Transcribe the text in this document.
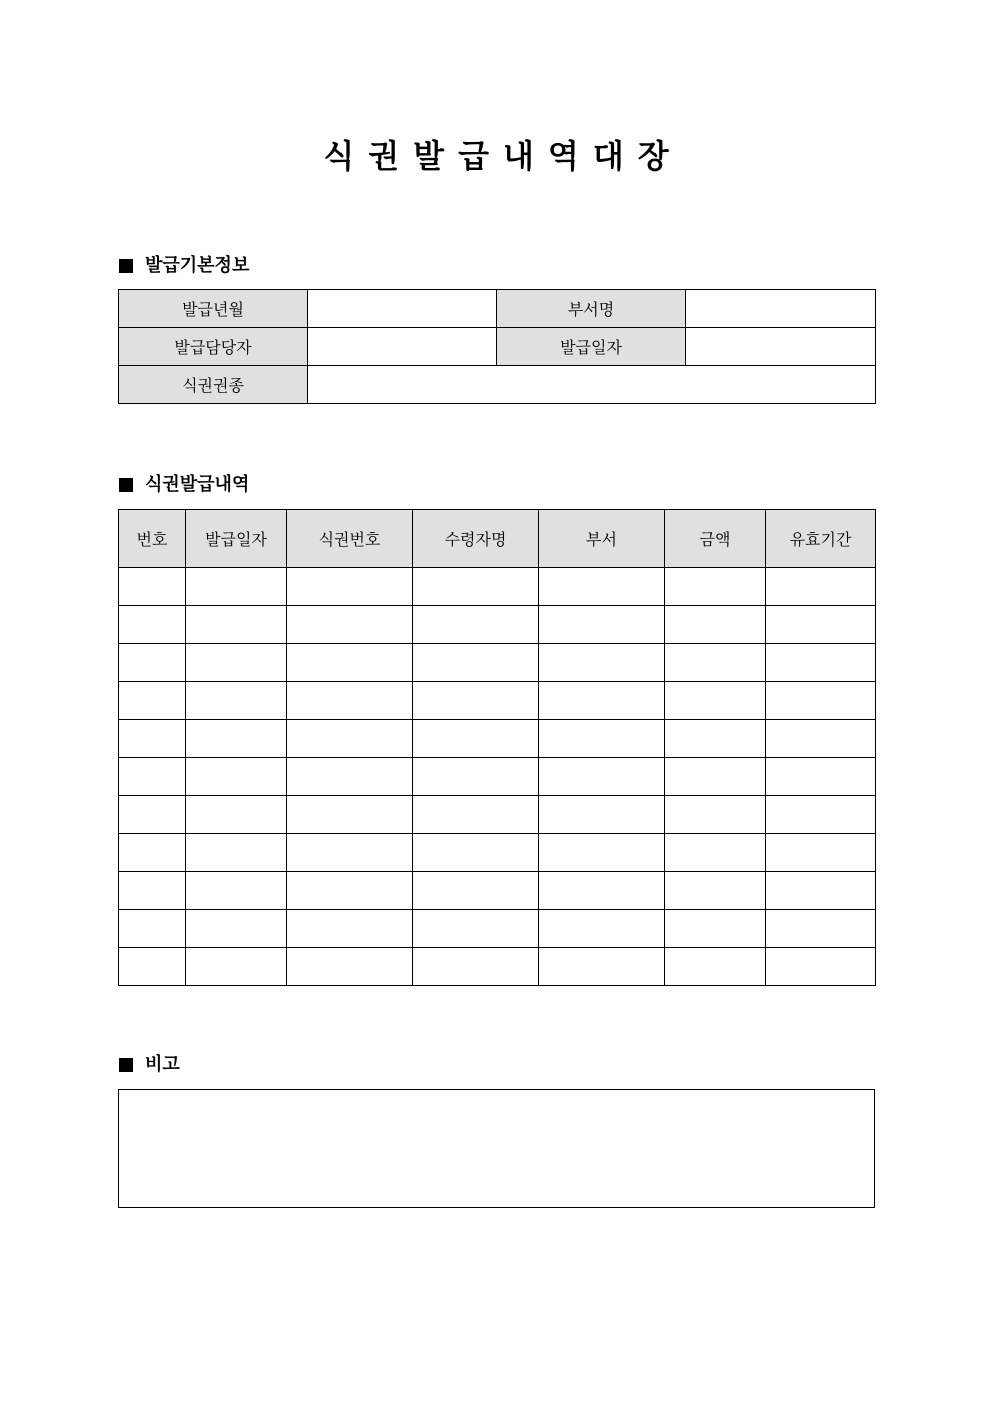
식권발급내역대장
발급기본정보
발급년월		부서명	
발급담당자		발급일자	
식권권종			
식권발급내역
번호	발급일자	식권번호	수령자명	부서	금액	유효기간

비고
